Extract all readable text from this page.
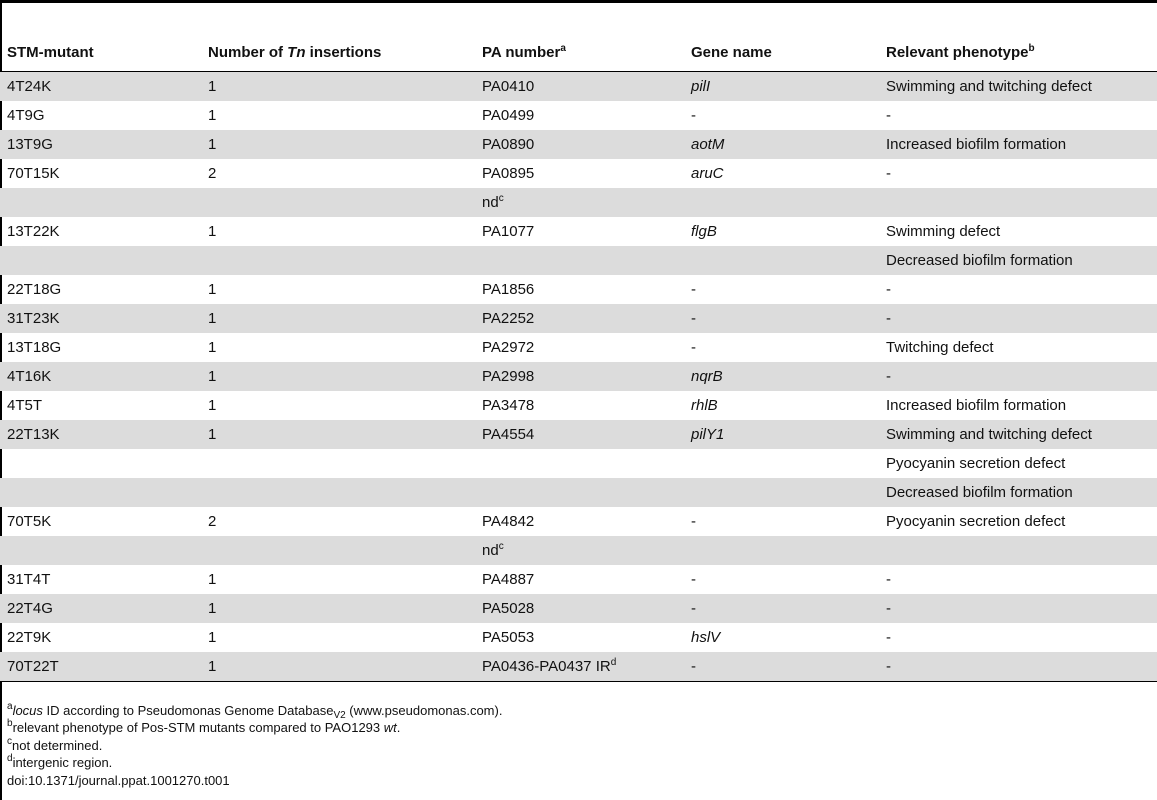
STM-mutant	Number of Tn insertions	PA number$^a$	Gene name	Relevant phenotype$^b$
4T24K	1	PA0410	pilI	Swimming and twitching defect
4T9G	1	PA0499	-	-
13T9G	1	PA0890	aotM	Increased biofilm formation
70T15K	2	PA0895	aruC	-
		$nd^c$		
13T22K	1	PA1077	flgB	Swimming defect
				Decreased biofilm formation
22T18G	1	PA1856	-	-
31T23K	1	PA2252	-	-
13T18G	1	PA2972	-	Twitching defect
4T16K	1	PA2998	nqrB	-
4T5T	1	PA3478	rhlB	Increased biofilm formation
22T13K	1	PA4554	pilY1	Swimming and twitching defect
				Pyocyanin secretion defect
				Decreased biofilm formation
70T5K	2	PA4842	-	Pyocyanin secretion defect
		$nd^c$		
31T4T	1	PA4887	-	-
22T4G	1	PA5028	-	-
22T9K	1	PA5053	hslV	-
70T22T	1	PA0436-PA0437 $IR^d$	-	-
$^a$locus ID according to Pseudomonas Genome Database$_{V2}$ (www.pseudomonas.com).
$^b$relevant phenotype of Pos-STM mutants compared to PAO1293 wt.
$^c$not determined.
$^d$intergenic region.
doi:10.1371/journal.ppat.1001270.t001
